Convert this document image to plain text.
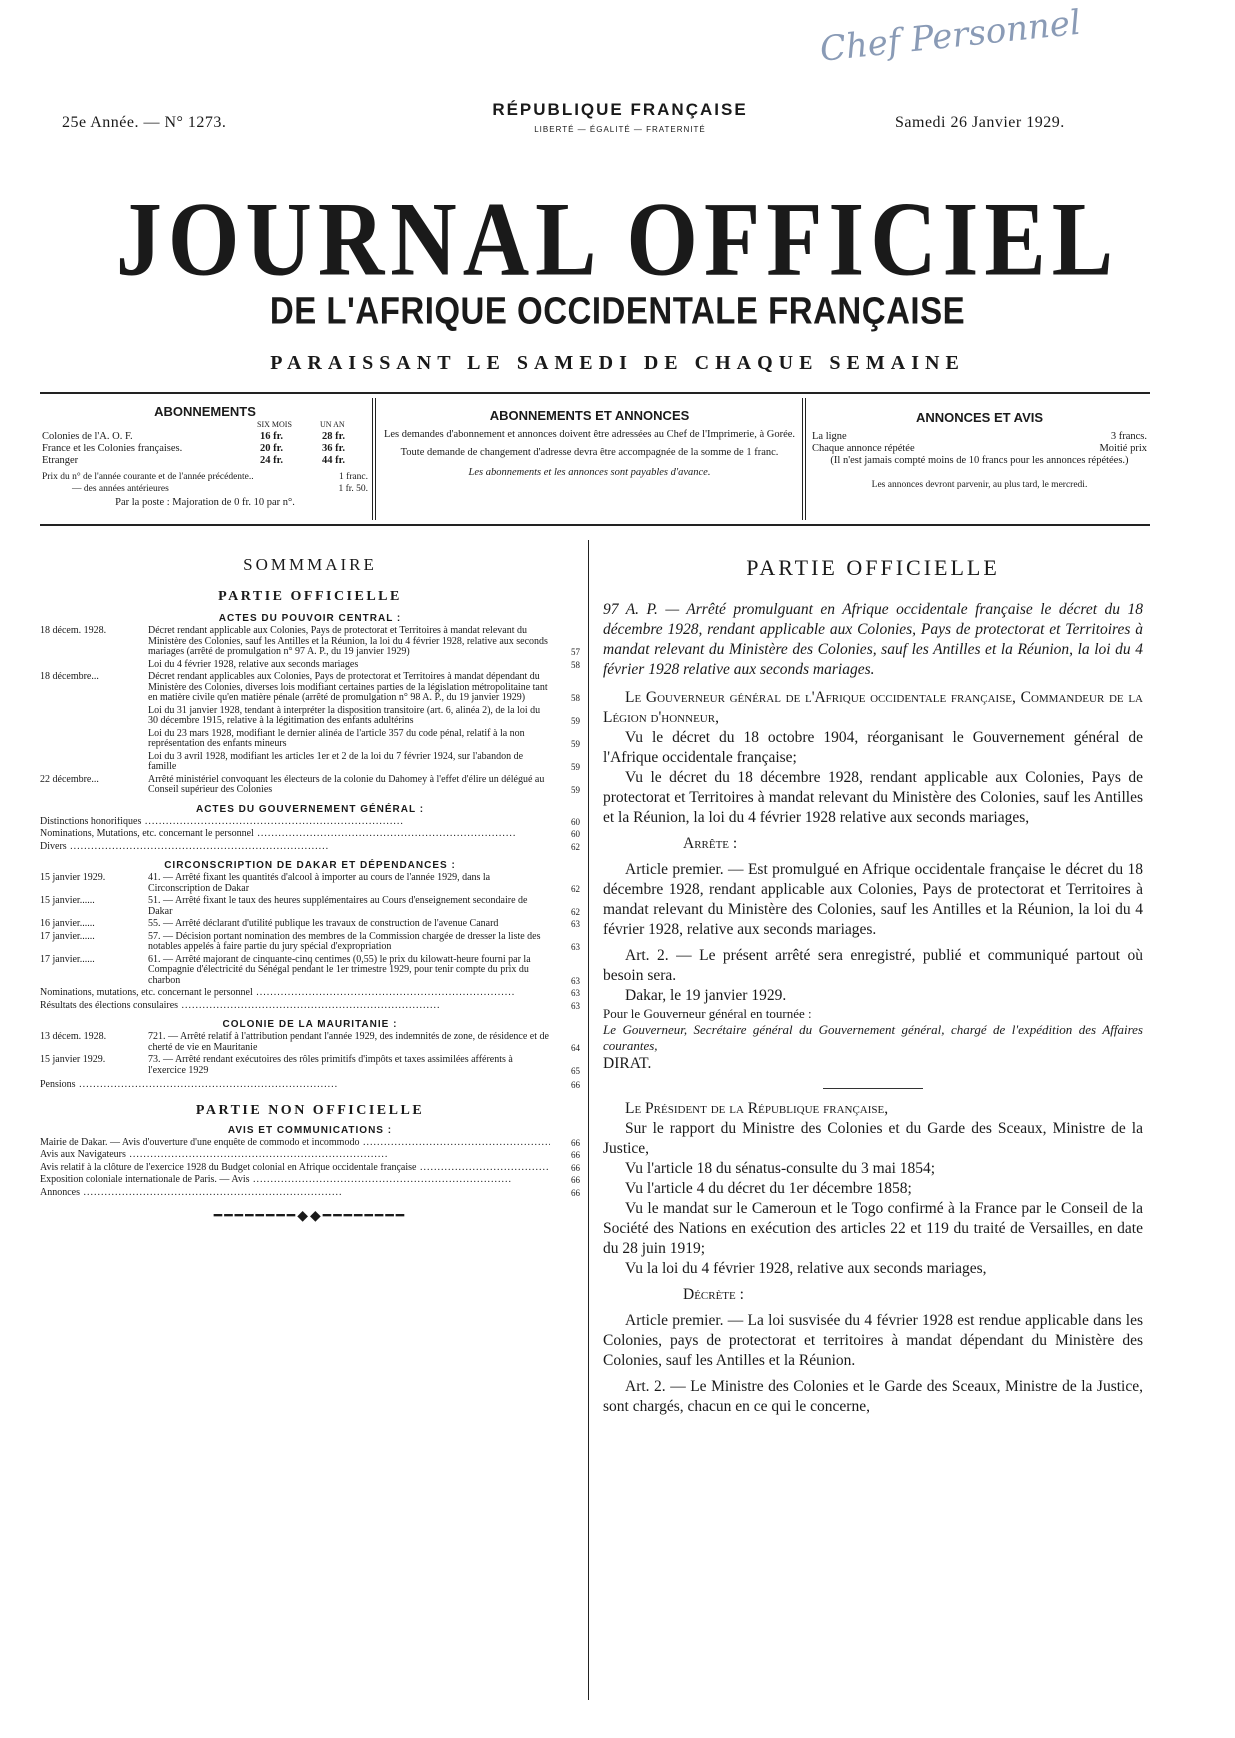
Chef Personnel
25e Année. — N° 1273.
RÉPUBLIQUE FRANÇAISE
LIBERTÉ — ÉGALITÉ — FRATERNITÉ	Samedi 26 Janvier 1929.
JOURNAL OFFICIEL
DE L'AFRIQUE OCCIDENTALE FRANÇAISE
PARAISSANT LE SAMEDI DE CHAQUE SEMAINE
ABONNEMENTS
SIX MOIS	UN AN
Colonies de l'A. O. F.	16 fr.	28 fr.
France et les Colonies françaises.	20 fr.	36 fr.
Etranger	24 fr.	44 fr.
Prix du n° de l'année courante et de l'année précédente..	1 franc.
— des années antérieures	1 fr. 50.
Par la poste : Majoration de 0 fr. 10 par n°.
ABONNEMENTS ET ANNONCES
Les demandes d'abonnement et annonces doivent être adressées au Chef de l'Imprimerie, à Gorée.
Toute demande de changement d'adresse devra être accompagnée de la somme de 1 franc.
Les abonnements et les annonces sont payables d'avance.
ANNONCES ET AVIS
La ligne	3 francs.
Chaque annonce répétée	Moitié prix
(Il n'est jamais compté moins de 10 francs pour les annonces répétées.)
Les annonces devront parvenir, au plus tard, le mercredi.
SOMMMAIRE
PARTIE OFFICIELLE
ACTES DU POUVOIR CENTRAL :
18 décem. 1928.	Décret rendant applicable aux Colonies, Pays de protectorat et Territoires à mandat relevant du Ministère des Colonies, sauf les Antilles et la Réunion, la loi du 4 février 1928, relative aux seconds mariages (arrêté de promulgation n° 97 A. P., du 19 janvier 1929)	57
Loi du 4 février 1928, relative aux seconds mariages	58
18 décembre...	Décret rendant applicables aux Colonies, Pays de protectorat et Territoires à mandat dépendant du Ministère des Colonies, diverses lois modifiant certaines parties de la législation métropolitaine tant en matière civile qu'en matière pénale (arrêté de promulgation n° 98 A. P., du 19 janvier 1929)	58
Loi du 31 janvier 1928, tendant à interpréter la disposition transitoire (art. 6, alinéa 2), de la loi du 30 décembre 1915, relative à la légitimation des enfants adultérins	59
Loi du 23 mars 1928, modifiant le dernier alinéa de l'article 357 du code pénal, relatif à la non représentation des enfants mineurs	59
Loi du 3 avril 1928, modifiant les articles 1er et 2 de la loi du 7 février 1924, sur l'abandon de famille	59
22 décembre...	Arrêté ministériel convoquant les électeurs de la colonie du Dahomey à l'effet d'élire un délégué au Conseil supérieur des Colonies	59
ACTES DU GOUVERNEMENT GÉNÉRAL :
Distinctions honorifiques .....	60
Nominations, Mutations, etc. concernant le personnel .....	60
Divers .....	62
CIRCONSCRIPTION DE DAKAR ET DÉPENDANCES :
15 janvier 1929.	41. — Arrêté fixant les quantités d'alcool à importer au cours de l'année 1929, dans la Circonscription de Dakar	62
15 janvier......	51. — Arrêté fixant le taux des heures supplémentaires au Cours d'enseignement secondaire de Dakar	62
16 janvier......	55. — Arrêté déclarant d'utilité publique les travaux de construction de l'avenue Canard	63
17 janvier......	57. — Décision portant nomination des membres de la Commission chargée de dresser la liste des notables appelés à faire partie du jury spécial d'expropriation	63
17 janvier......	61. — Arrêté majorant de cinquante-cinq centimes (0,55) le prix du kilowatt-heure fourni par la Compagnie d'électricité du Sénégal pendant le 1er trimestre 1929, pour tenir compte du prix du charbon	63
Nominations, mutations, etc. concernant le personnel .....	63
Résultats des élections consulaires .....	63
COLONIE DE LA MAURITANIE :
13 décem. 1928.	721. — Arrêté relatif à l'attribution pendant l'année 1929, des indemnités de zone, de résidence et de cherté de vie en Mauritanie	64
15 janvier 1929.	73. — Arrêté rendant exécutoires des rôles primitifs d'impôts et taxes assimilées afférents à l'exercice 1929	65
Pensions .....	66
PARTIE NON OFFICIELLE
AVIS ET COMMUNICATIONS :
Mairie de Dakar. — Avis d'ouverture d'une enquête de commodo et incommodo .....	66
Avis aux Navigateurs .....	66
Avis relatif à la clôture de l'exercice 1928 du Budget colonial en Afrique occidentale française .....	66
Exposition coloniale internationale de Paris. — Avis .....	66
Annonces .....	66
━━━━━━━━◆◆━━━━━━━━
PARTIE OFFICIELLE

97 A. P. — Arrêté promulguant en Afrique occidentale française le décret du 18 décembre 1928, rendant applicable aux Colonies, Pays de protectorat et Territoires à mandat relevant du Ministère des Colonies, sauf les Antilles et la Réunion, la loi du 4 février 1928 relative aux seconds mariages.

Le Gouverneur général de l'Afrique occidentale française, Commandeur de la Légion d'honneur,

Vu le décret du 18 octobre 1904, réorganisant le Gouvernement général de l'Afrique occidentale française;

Vu le décret du 18 décembre 1928, rendant applicable aux Colonies, Pays de protectorat et Territoires à mandat relevant du Ministère des Colonies, sauf les Antilles et la Réunion, la loi du 4 février 1928 relative aux seconds mariages,

Arrête :

Article premier. — Est promulgué en Afrique occidentale française le décret du 18 décembre 1928, rendant applicable aux Colonies, Pays de protectorat et Territoires à mandat relevant du Ministère des Colonies, sauf les Antilles et la Réunion, la loi du 4 février 1928, relative aux seconds mariages.

Art. 2. — Le présent arrêté sera enregistré, publié et communiqué partout où besoin sera.

Dakar, le 19 janvier 1929.

Pour le Gouverneur général en tournée :

Le Gouverneur, Secrétaire général du Gouvernement général, chargé de l'expédition des Affaires courantes,

DIRAT.

Le Président de la République française,

Sur le rapport du Ministre des Colonies et du Garde des Sceaux, Ministre de la Justice,

Vu l'article 18 du sénatus-consulte du 3 mai 1854;

Vu l'article 4 du décret du 1er décembre 1858;

Vu le mandat sur le Cameroun et le Togo confirmé à la France par le Conseil de la Société des Nations en exécution des articles 22 et 119 du traité de Versailles, en date du 28 juin 1919;

Vu la loi du 4 février 1928, relative aux seconds mariages,

Décrète :

Article premier. — La loi susvisée du 4 février 1928 est rendue applicable dans les Colonies, pays de protectorat et territoires à mandat dépendant du Ministère des Colonies, sauf les Antilles et la Réunion.

Art. 2. — Le Ministre des Colonies et le Garde des Sceaux, Ministre de la Justice, sont chargés, chacun en ce qui le concerne,
